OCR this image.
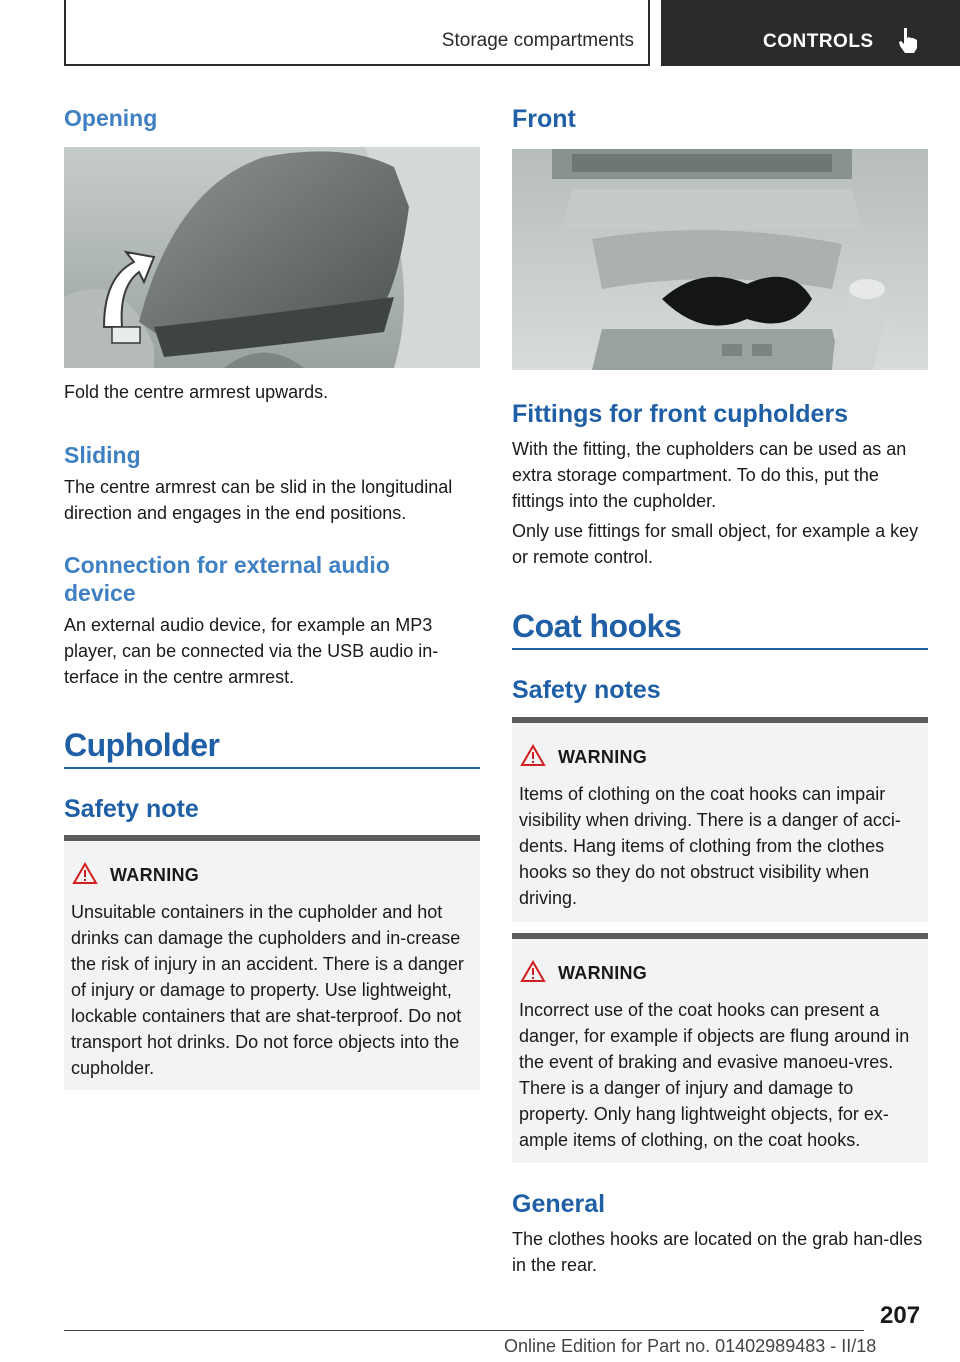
Storage compartments	CONTROLS
Opening
Fold the centre armrest upwards.
Sliding
The centre armrest can be slid in the longitudinal direction and engages in the end positions.
Connection for external audio device
An external audio device, for example an MP3 player, can be connected via the USB audio in-terface in the centre armrest.
Cupholder
Safety note
WARNING
Unsuitable containers in the cupholder and hot drinks can damage the cupholders and in-crease the risk of injury in an accident. There is a danger of injury or damage to property. Use lightweight, lockable containers that are shat-terproof. Do not transport hot drinks. Do not force objects into the cupholder.
Front
Fittings for front cupholders
With the fitting, the cupholders can be used as an extra storage compartment. To do this, put the fittings into the cupholder.
Only use fittings for small object, for example a key or remote control.
Coat hooks
Safety notes
WARNING
Items of clothing on the coat hooks can impair visibility when driving. There is a danger of acci-dents. Hang items of clothing from the clothes hooks so they do not obstruct visibility when driving.
WARNING
Incorrect use of the coat hooks can present a danger, for example if objects are flung around in the event of braking and evasive manoeu-vres. There is a danger of injury and damage to property. Only hang lightweight objects, for ex-ample items of clothing, on the coat hooks.
General
The clothes hooks are located on the grab han-dles in the rear.
207
Online Edition for Part no. 01402989483 - II/18
